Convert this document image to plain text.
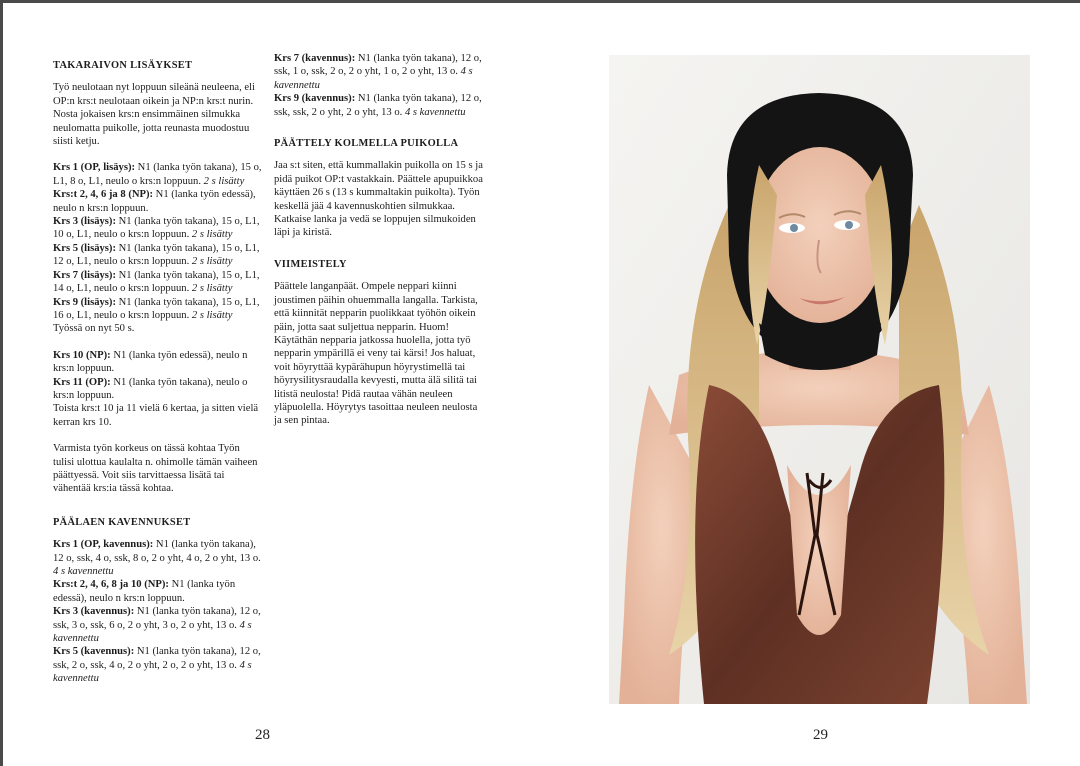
TAKARAIVON LISÄYKSET

Työ neulotaan nyt loppuun sileänä neuleena, eli OP:n krs:t neulotaan oikein ja NP:n krs:t nurin. Nosta jokaisen krs:n ensimmäinen silmukka neulomatta puikolle, jotta reunasta muodostuu siisti ketju.

Krs 1 (OP, lisäys): N1 (lanka työn takana), 15 o, L1, 8 o, L1, neulo o krs:n loppuun. 2 s lisätty

Krs:t 2, 4, 6 ja 8 (NP): N1 (lanka työn edessä), neulo n krs:n loppuun.

Krs 3 (lisäys): N1 (lanka työn takana), 15 o, L1, 10 o, L1, neulo o krs:n loppuun. 2 s lisätty

Krs 5 (lisäys): N1 (lanka työn takana), 15 o, L1, 12 o, L1, neulo o krs:n loppuun. 2 s lisätty

Krs 7 (lisäys): N1 (lanka työn takana), 15 o, L1, 14 o, L1, neulo o krs:n loppuun. 2 s lisätty

Krs 9 (lisäys): N1 (lanka työn takana), 15 o, L1, 16 o, L1, neulo o krs:n loppuun. 2 s lisätty

Työssä on nyt 50 s.

Krs 10 (NP): N1 (lanka työn edessä), neulo n krs:n loppuun.

Krs 11 (OP): N1 (lanka työn takana), neulo o krs:n loppuun.

Toista krs:t 10 ja 11 vielä 6 kertaa, ja sitten vielä kerran krs 10.

Varmista työn korkeus on tässä kohtaa Työn tulisi ulottua kaulalta n. ohimolle tämän vaiheen päättyessä. Voit siis tarvittaessa lisätä tai vähentää krs:ia tässä kohtaa.

PÄÄLAEN KAVENNUKSET

Krs 1 (OP, kavennus): N1 (lanka työn takana), 12 o, ssk, 4 o, ssk, 8 o, 2 o yht, 4 o, 2 o yht, 13 o. 4 s kavennettu

Krs:t 2, 4, 6, 8 ja 10 (NP): N1 (lanka työn edessä), neulo n krs:n loppuun.

Krs 3 (kavennus): N1 (lanka työn takana), 12 o, ssk, 3 o, ssk, 6 o, 2 o yht, 3 o, 2 o yht, 13 o. 4 s kavennettu

Krs 5 (kavennus): N1 (lanka työn takana), 12 o, ssk, 2 o, ssk, 4 o, 2 o yht, 2 o, 2 o yht, 13 o. 4 s kavennettu

Krs 7 (kavennus): N1 (lanka työn takana), 12 o, ssk, 1 o, ssk, 2 o, 2 o yht, 1 o, 2 o yht, 13 o. 4 s kavennettu

Krs 9 (kavennus): N1 (lanka työn takana), 12 o, ssk, ssk, 2 o yht, 2 o yht, 13 o. 4 s kavennettu

PÄÄTTELY KOLMELLA PUIKOLLA

Jaa s:t siten, että kummallakin puikolla on 15 s ja pidä puikot OP:t vastakkain. Päättele apupuikkoa käyttäen 26 s (13 s kummaltakin puikolta). Työn keskellä jää 4 kavennuskohtien silmukkaa. Katkaise lanka ja vedä se loppujen silmukoiden läpi ja kiristä.

VIIMEISTELY

Päättele langanpäät. Ompele neppari kiinni joustimen päihin ohuemmalla langalla. Tarkista, että kiinnität nepparin puolikkaat työhön oikein päin, jotta saat suljettua nepparin. Huom! Käytäthän nepparia jatkossa huolella, jotta työ nepparin ympärillä ei veny tai kärsi! Jos haluat, voit höyryttää kypärähupun höyrystimellä tai höyrysilitysraudalla kevyesti, mutta älä silitä tai litistä neulosta! Pidä rautaa vähän neuleen yläpuolella. Höyrytys tasoittaa neuleen neulosta ja sen pintaa.

28	29
